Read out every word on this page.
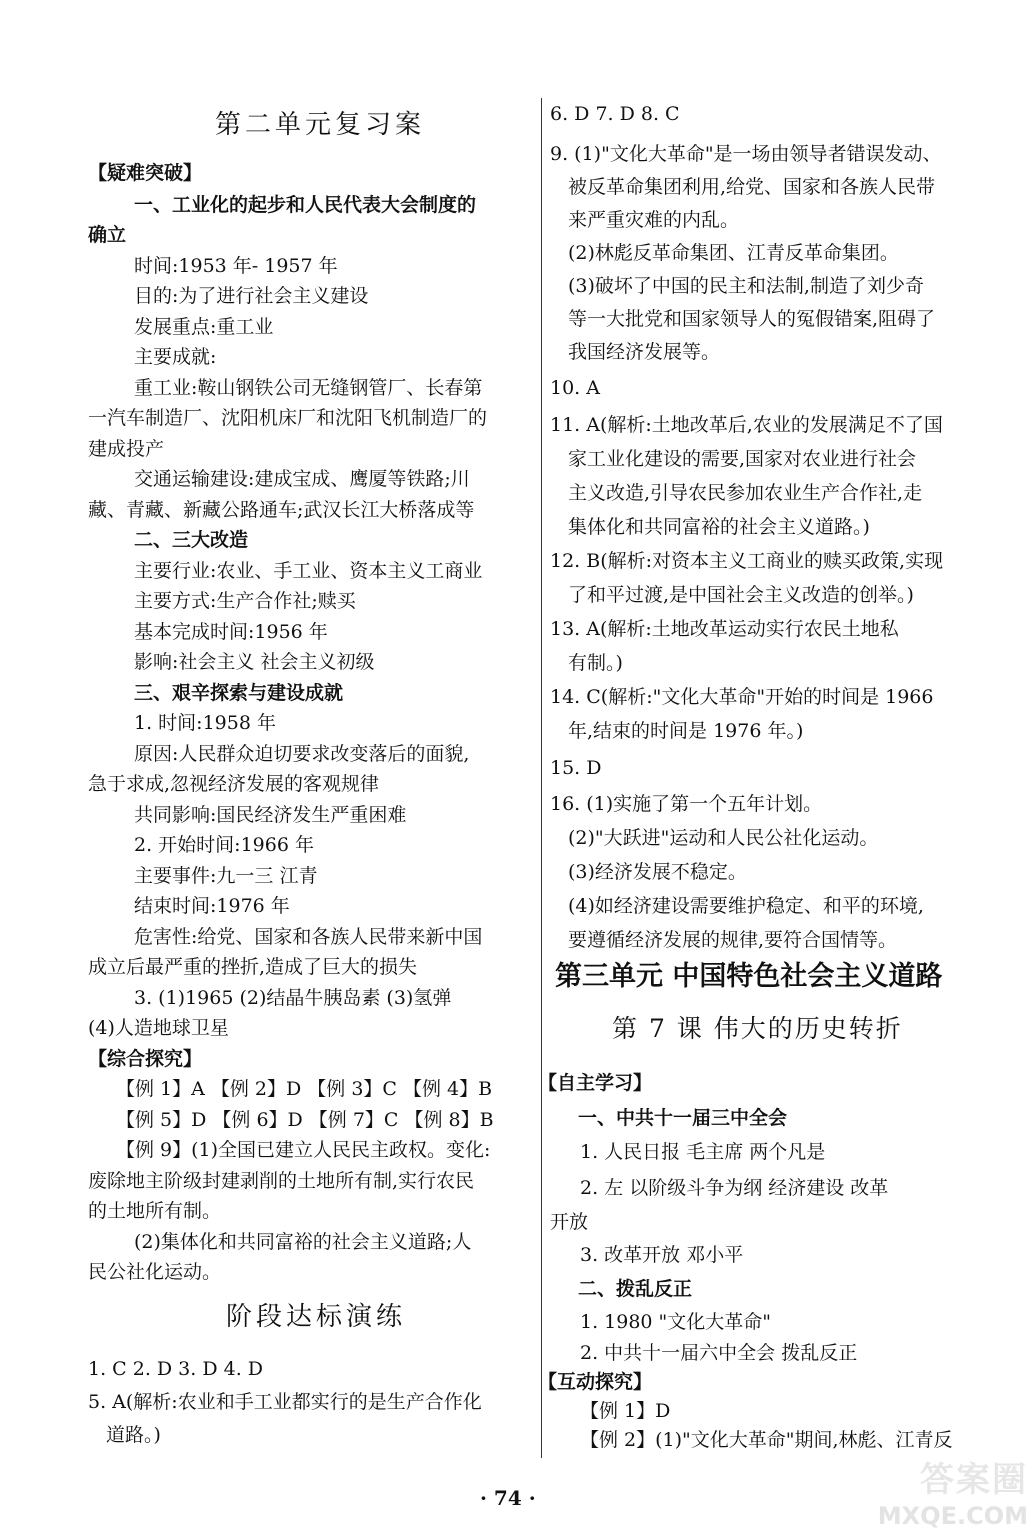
第二单元复习案
【疑难突破】
一、工业化的起步和人民代表大会制度的
确立
时间:1953 年- 1957 年
目的:为了进行社会主义建设
发展重点:重工业
主要成就:
重工业:鞍山钢铁公司无缝钢管厂、长春第
一汽车制造厂、沈阳机床厂和沈阳飞机制造厂的
建成投产
交通运输建设:建成宝成、鹰厦等铁路;川
藏、青藏、新藏公路通车;武汉长江大桥落成等
二、三大改造
主要行业:农业、手工业、资本主义工商业
主要方式:生产合作社;赎买
基本完成时间:1956 年
影响:社会主义 社会主义初级
三、艰辛探索与建设成就
1. 时间:1958 年
原因:人民群众迫切要求改变落后的面貌,
急于求成,忽视经济发展的客观规律
共同影响:国民经济发生严重困难
2. 开始时间:1966 年
主要事件:九一三 江青
结束时间:1976 年
危害性:给党、国家和各族人民带来新中国
成立后最严重的挫折,造成了巨大的损失
3. (1)1965 (2)结晶牛胰岛素 (3)氢弹
(4)人造地球卫星
【综合探究】
【例 1】A 【例 2】D 【例 3】C 【例 4】B
【例 5】D 【例 6】D 【例 7】C 【例 8】B
【例 9】(1)全国已建立人民民主政权。变化:
废除地主阶级封建剥削的土地所有制,实行农民
的土地所有制。
(2)集体化和共同富裕的社会主义道路;人
民公社化运动。
阶段达标演练
1. C 2. D 3. D 4. D
5. A(解析:农业和手工业都实行的是生产合作化
道路。)
6. D 7. D 8. C
9. (1)"文化大革命"是一场由领导者错误发动、
被反革命集团利用,给党、国家和各族人民带
来严重灾难的内乱。
(2)林彪反革命集团、江青反革命集团。
(3)破坏了中国的民主和法制,制造了刘少奇
等一大批党和国家领导人的冤假错案,阻碍了
我国经济发展等。
10. A
11. A(解析:土地改革后,农业的发展满足不了国
家工业化建设的需要,国家对农业进行社会
主义改造,引导农民参加农业生产合作社,走
集体化和共同富裕的社会主义道路。)
12. B(解析:对资本主义工商业的赎买政策,实现
了和平过渡,是中国社会主义改造的创举。)
13. A(解析:土地改革运动实行农民土地私
有制。)
14. C(解析:"文化大革命"开始的时间是 1966
年,结束的时间是 1976 年。)
15. D
16. (1)实施了第一个五年计划。
(2)"大跃进"运动和人民公社化运动。
(3)经济发展不稳定。
(4)如经济建设需要维护稳定、和平的环境,
要遵循经济发展的规律,要符合国情等。
第三单元 中国特色社会主义道路
第 7 课 伟大的历史转折
【自主学习】
一、中共十一届三中全会
1. 人民日报 毛主席 两个凡是
2. 左 以阶级斗争为纲 经济建设 改革
开放
3. 改革开放 邓小平
二、拨乱反正
1. 1980 "文化大革命"
2. 中共十一届六中全会 拨乱反正
【互动探究】
【例 1】D
【例 2】(1)"文化大革命"期间,林彪、江青反
· 74 ·	答案圈
MXQE.COM
